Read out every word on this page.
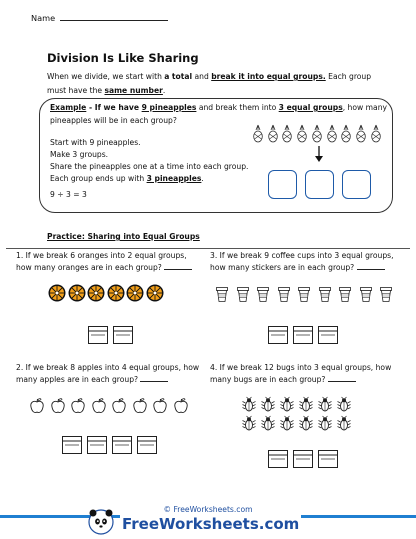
Name
Division Is Like Sharing
When we divide, we start with a total and break it into equal groups. Each group
must have the same number.
Example - If we have 9 pineapples and break them into 3 equal groups, how many
pineapples will be in each group?
Start with 9 pineapples.
Make 3 groups.
Share the pineapples one at a time into each group.
Each group ends up with 3 pineapples.
9 ÷ 3 = 3
Practice: Sharing into Equal Groups
1. If we break 6 oranges into 2 equal groups,
how many oranges are in each group?
3. If we break 9 coffee cups into 3 equal groups,
how many stickers are in each group?
2. If we break 8 apples into 4 equal groups, how
many apples are in each group?
4. If we break 12 bugs into 3 equal groups, how
many bugs are in each group?
© FreeWorksheets.com
FreeWorksheets.com
